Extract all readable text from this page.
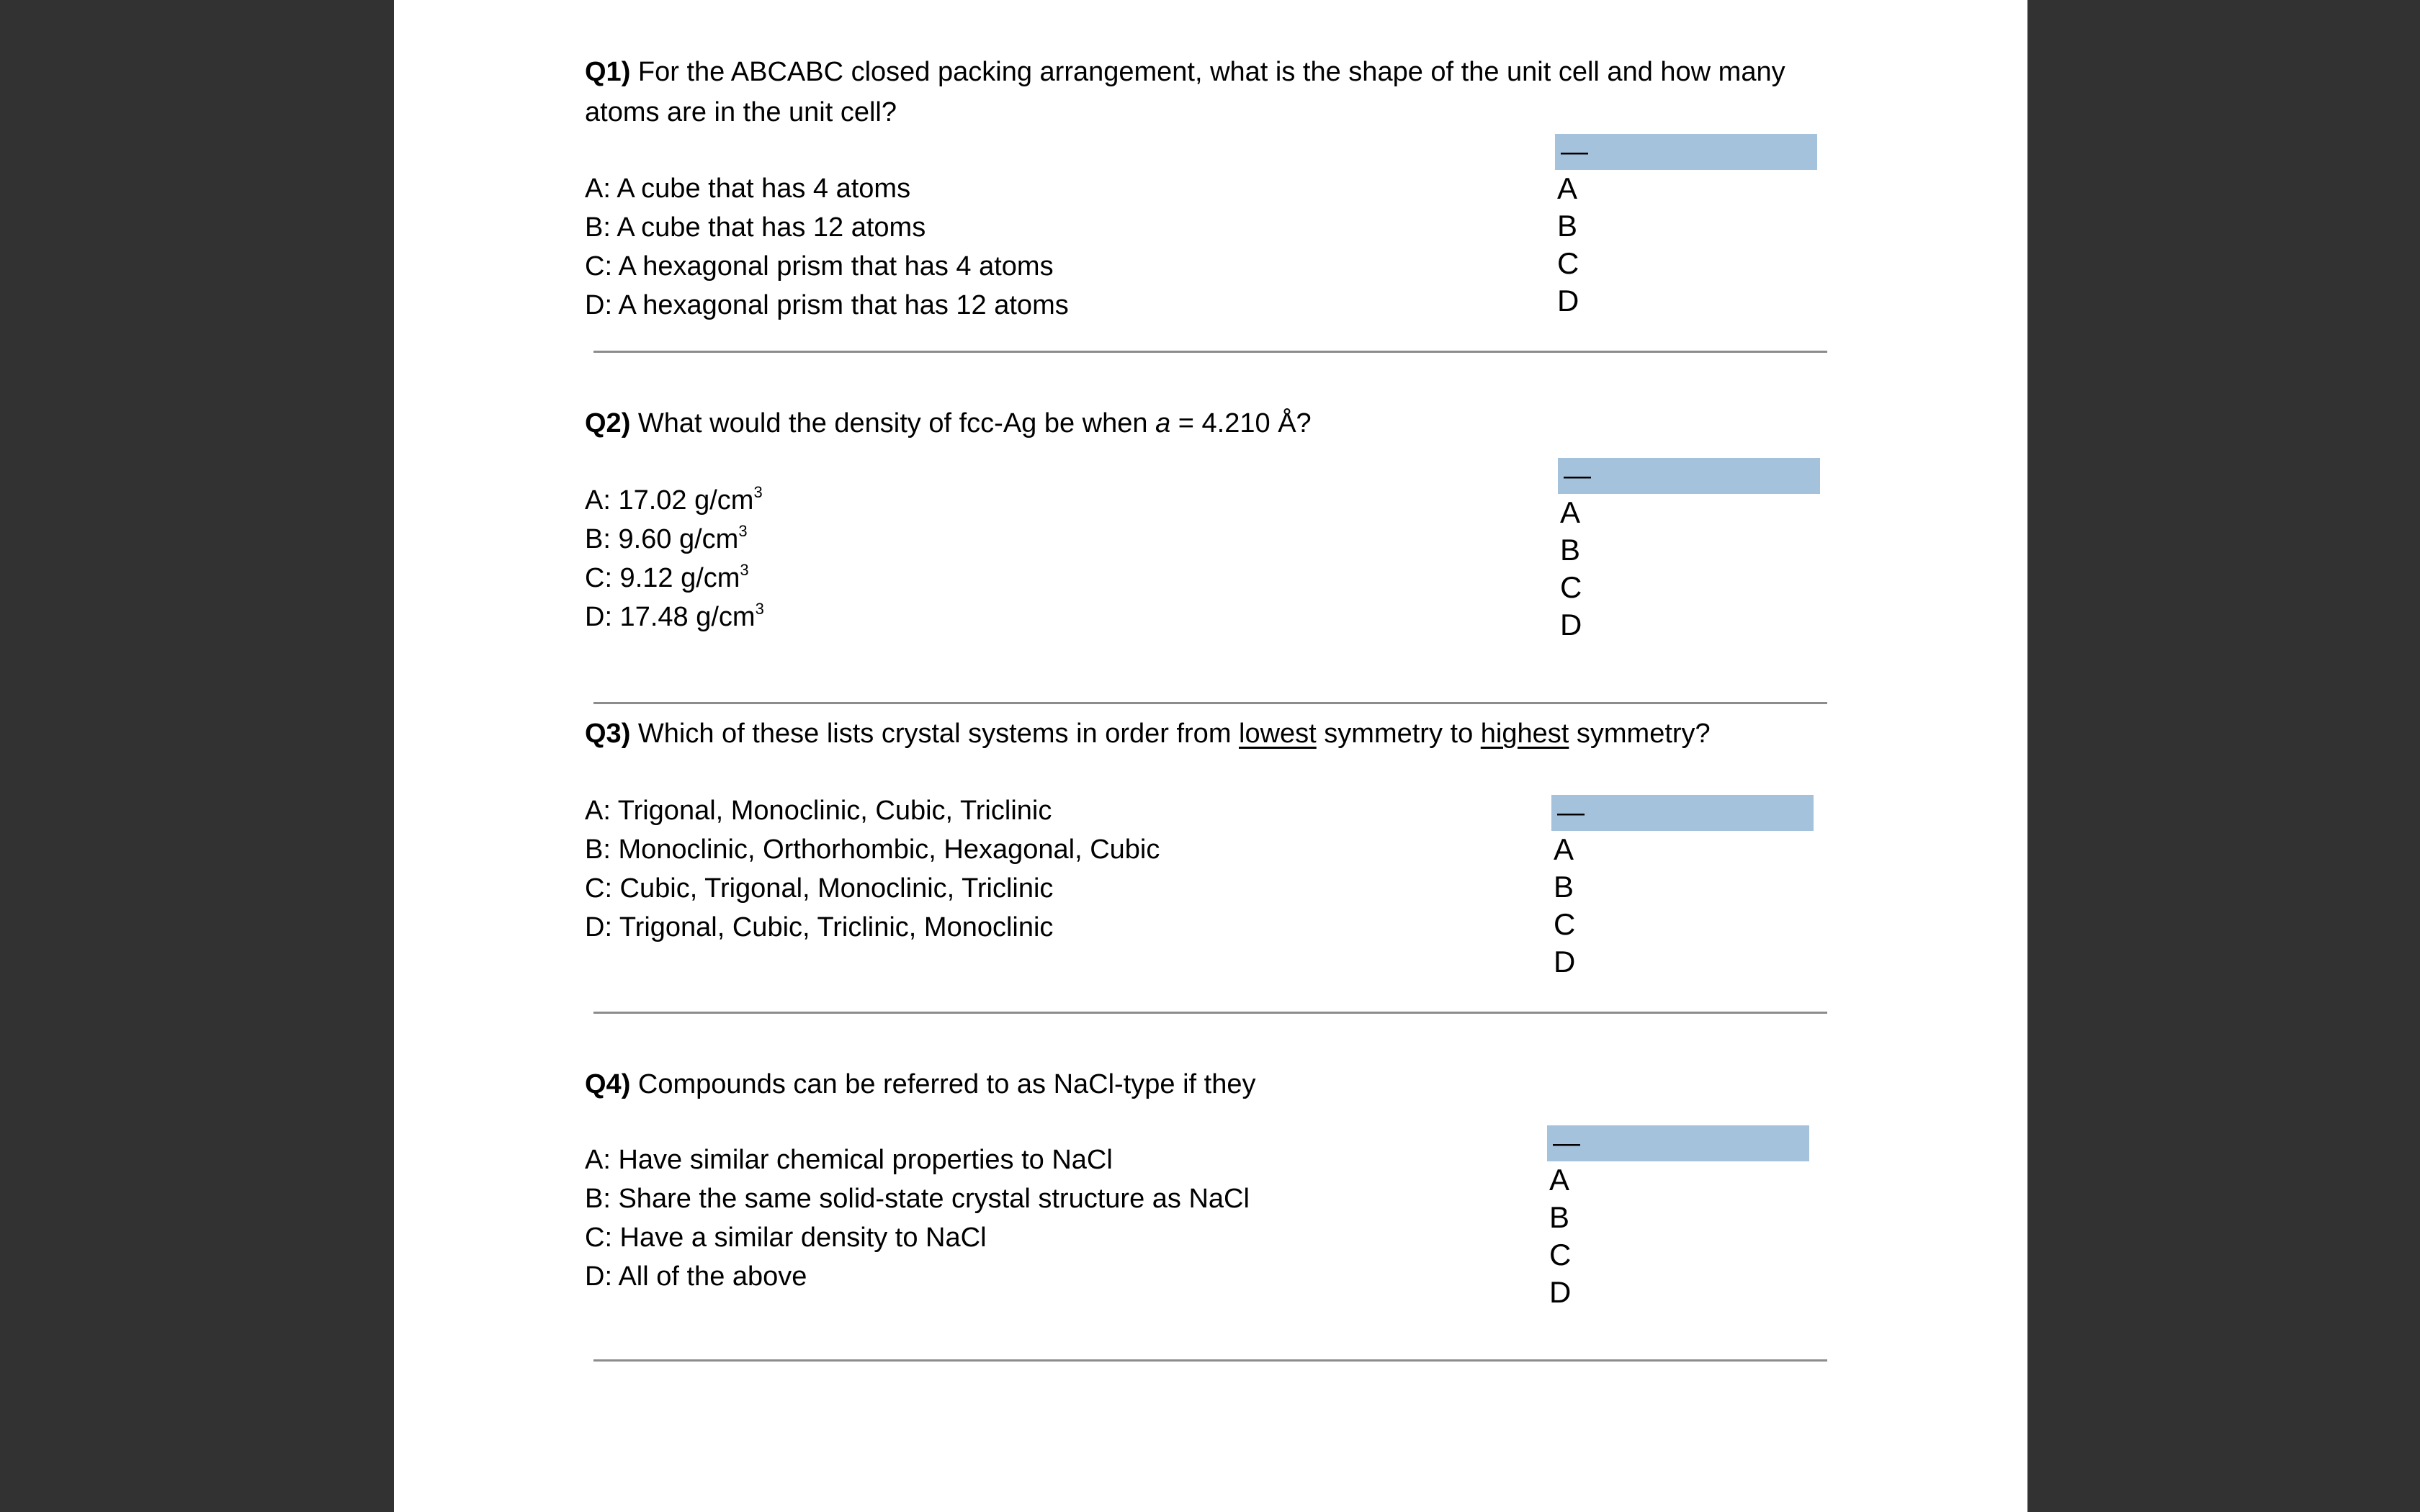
Q1) For the ABCABC closed packing arrangement, what is the shape of the unit cell and how many atoms are in the unit cell?

A: A cube that has 4 atoms
B: A cube that has 12 atoms
C: A hexagonal prism that has 4 atoms
D: A hexagonal prism that has 12 atoms
—
A
B
C
D

Q2) What would the density of fcc-Ag be when a = 4.210 Å?

A: 17.02 $g/cm^3$
B: 9.60 $g/cm^3$
C: 9.12 $g/cm^3$
D: 17.48 $g/cm^3$
—
A
B
C
D

Q3) Which of these lists crystal systems in order from lowest symmetry to highest symmetry?

A: Trigonal, Monoclinic, Cubic, Triclinic
B: Monoclinic, Orthorhombic, Hexagonal, Cubic
C: Cubic, Trigonal, Monoclinic, Triclinic
D: Trigonal, Cubic, Triclinic, Monoclinic
—
A
B
C
D

Q4) Compounds can be referred to as NaCl-type if they

A: Have similar chemical properties to NaCl
B: Share the same solid-state crystal structure as NaCl
C: Have a similar density to NaCl
D: All of the above
—
A
B
C
D
